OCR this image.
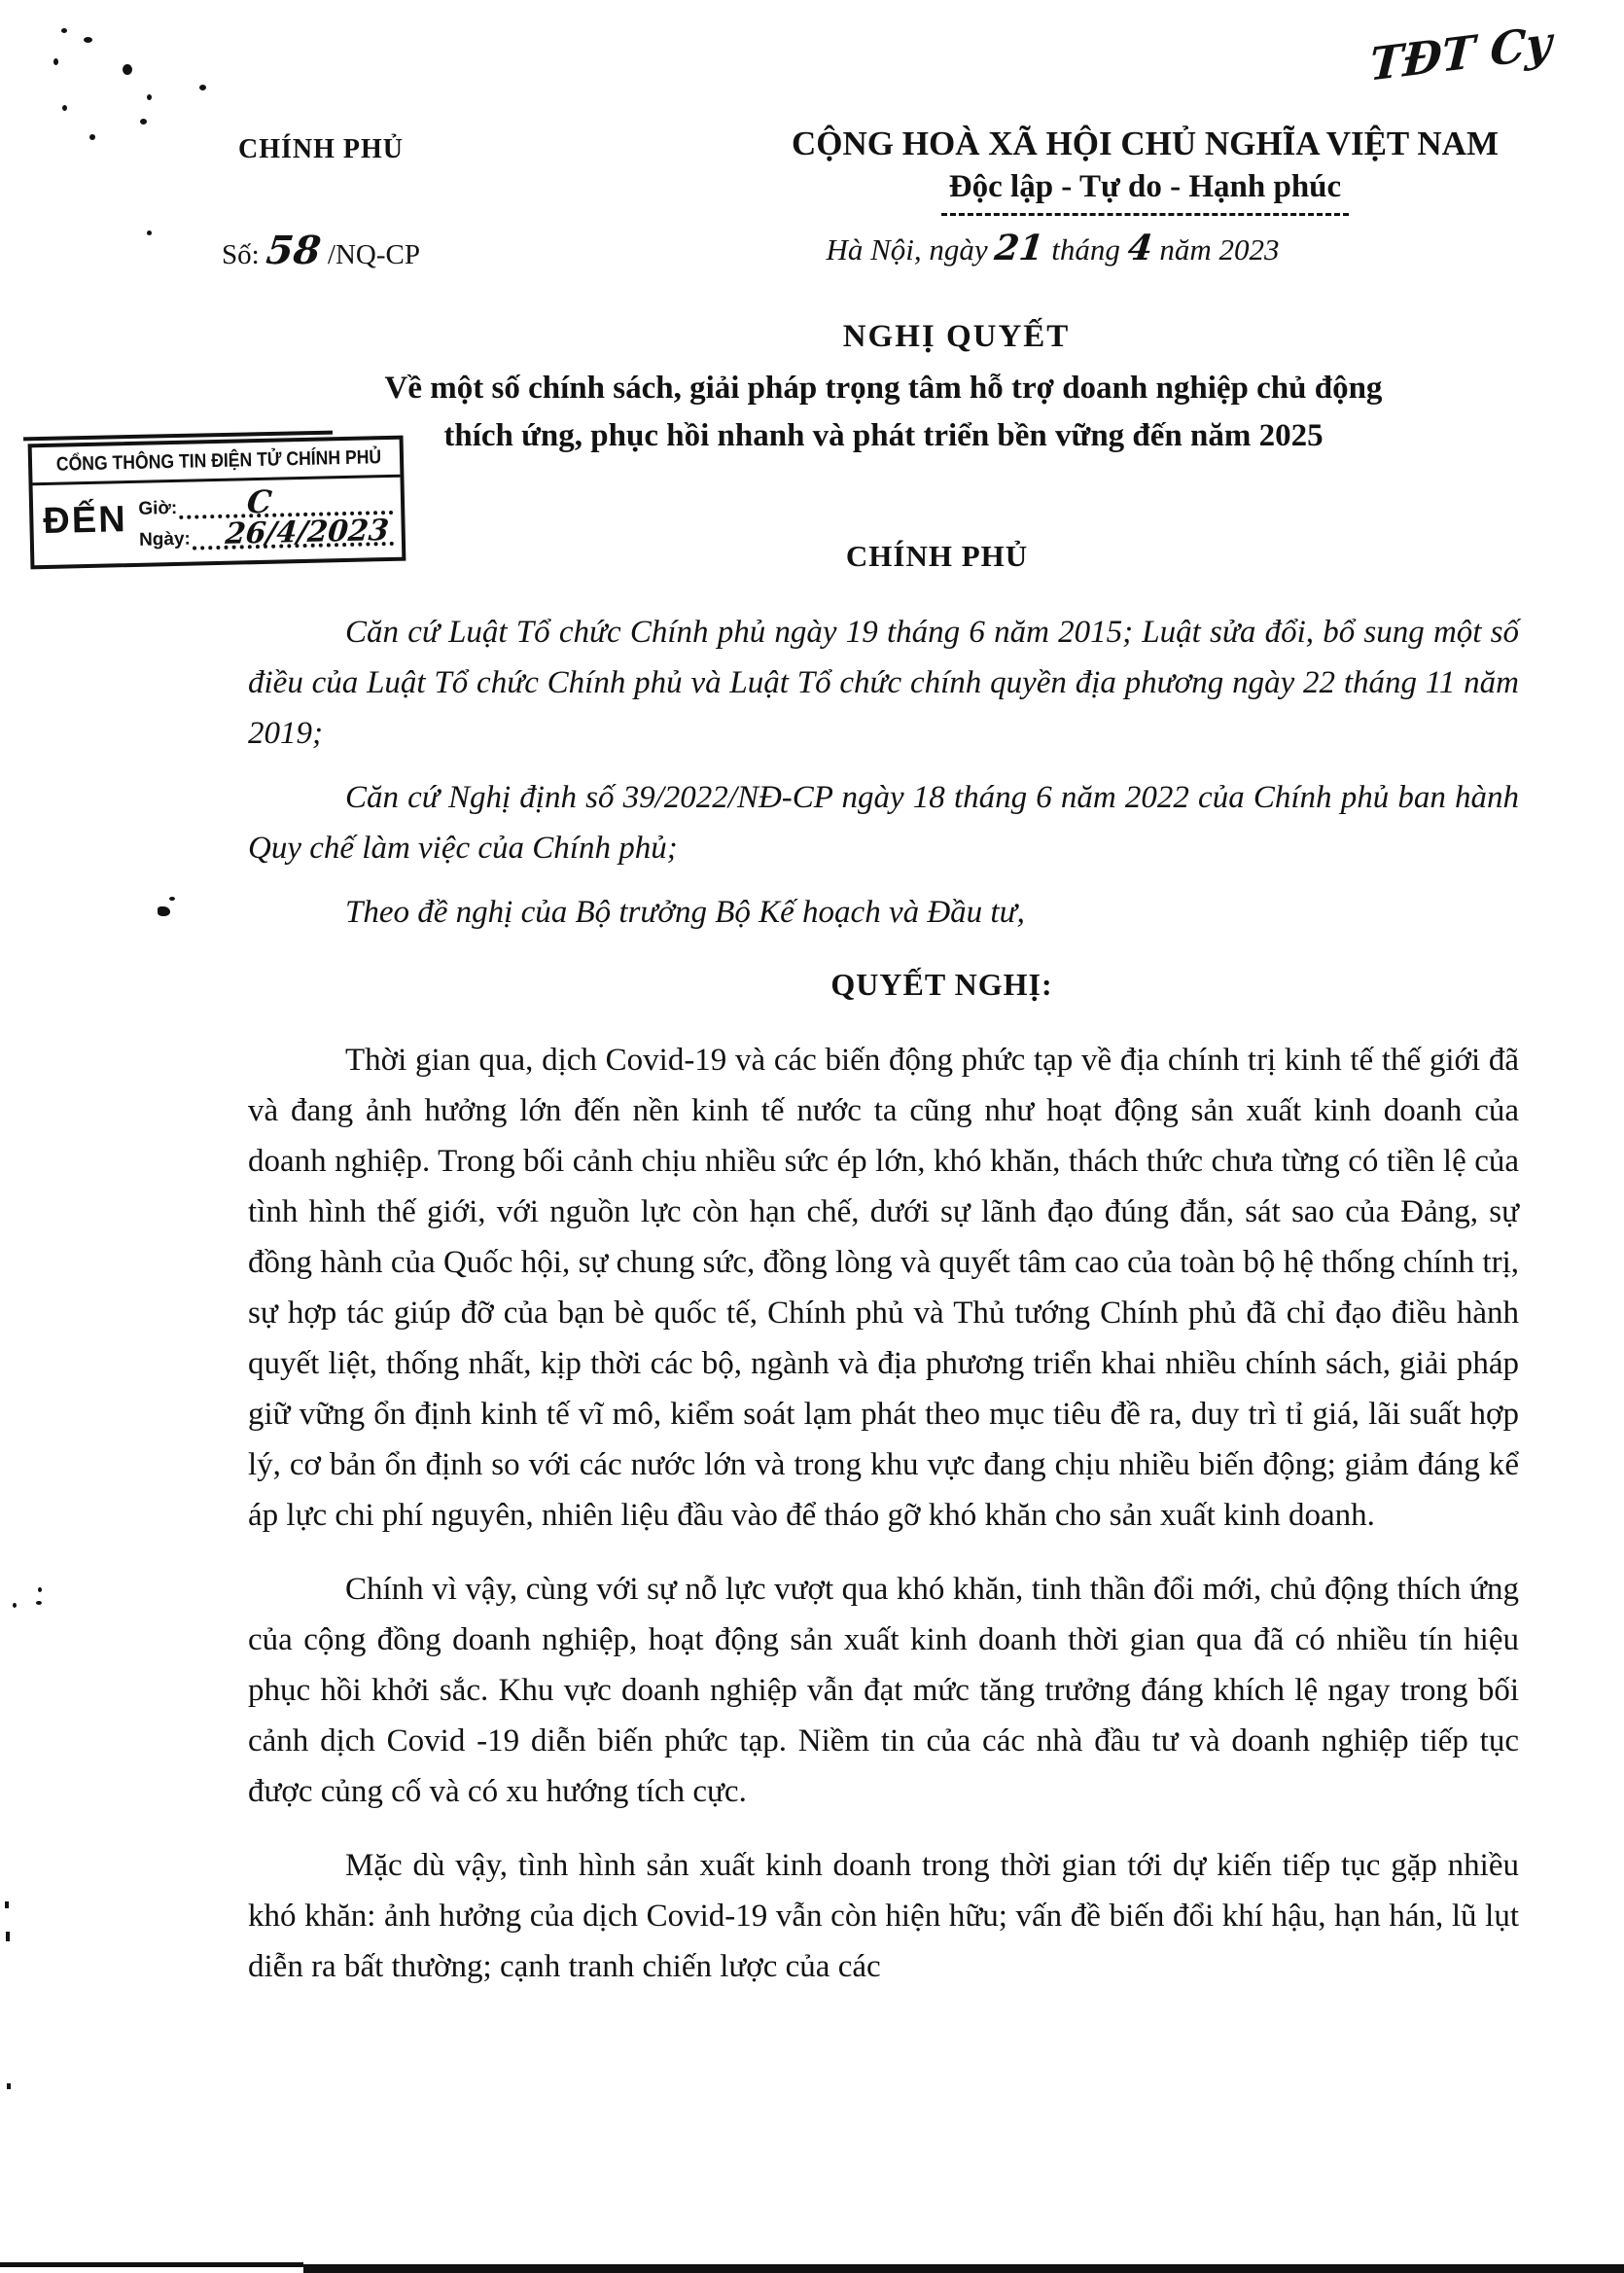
TĐT Cy
CHÍNH PHỦ
Số: 58 /NQ-CP
CỘNG HOÀ XÃ HỘI CHỦ NGHĨA VIỆT NAM
Độc lập - Tự do - Hạnh phúc
Hà Nội, ngày 21 tháng 4 năm 2023
NGHỊ QUYẾT
Về một số chính sách, giải pháp trọng tâm hỗ trợ doanh nghiệp chủ động
thích ứng, phục hồi nhanh và phát triển bền vững đến năm 2025
CỔNG THÔNG TIN ĐIỆN TỬ CHÍNH PHỦ
ĐẾN Giờ: C
Ngày: 26/4/2023
CHÍNH PHỦ

Căn cứ Luật Tổ chức Chính phủ ngày 19 tháng 6 năm 2015; Luật sửa đổi, bổ sung một số điều của Luật Tổ chức Chính phủ và Luật Tổ chức chính quyền địa phương ngày 22 tháng 11 năm 2019;

Căn cứ Nghị định số 39/2022/NĐ-CP ngày 18 tháng 6 năm 2022 của Chính phủ ban hành Quy chế làm việc của Chính phủ;

Theo đề nghị của Bộ trưởng Bộ Kế hoạch và Đầu tư,

QUYẾT NGHỊ:

Thời gian qua, dịch Covid-19 và các biến động phức tạp về địa chính trị kinh tế thế giới đã và đang ảnh hưởng lớn đến nền kinh tế nước ta cũng như hoạt động sản xuất kinh doanh của doanh nghiệp. Trong bối cảnh chịu nhiều sức ép lớn, khó khăn, thách thức chưa từng có tiền lệ của tình hình thế giới, với nguồn lực còn hạn chế, dưới sự lãnh đạo đúng đắn, sát sao của Đảng, sự đồng hành của Quốc hội, sự chung sức, đồng lòng và quyết tâm cao của toàn bộ hệ thống chính trị, sự hợp tác giúp đỡ của bạn bè quốc tế, Chính phủ và Thủ tướng Chính phủ đã chỉ đạo điều hành quyết liệt, thống nhất, kịp thời các bộ, ngành và địa phương triển khai nhiều chính sách, giải pháp giữ vững ổn định kinh tế vĩ mô, kiểm soát lạm phát theo mục tiêu đề ra, duy trì tỉ giá, lãi suất hợp lý, cơ bản ổn định so với các nước lớn và trong khu vực đang chịu nhiều biến động; giảm đáng kể áp lực chi phí nguyên, nhiên liệu đầu vào để tháo gỡ khó khăn cho sản xuất kinh doanh.

Chính vì vậy, cùng với sự nỗ lực vượt qua khó khăn, tinh thần đổi mới, chủ động thích ứng của cộng đồng doanh nghiệp, hoạt động sản xuất kinh doanh thời gian qua đã có nhiều tín hiệu phục hồi khởi sắc. Khu vực doanh nghiệp vẫn đạt mức tăng trưởng đáng khích lệ ngay trong bối cảnh dịch Covid -19 diễn biến phức tạp. Niềm tin của các nhà đầu tư và doanh nghiệp tiếp tục được củng cố và có xu hướng tích cực.

Mặc dù vậy, tình hình sản xuất kinh doanh trong thời gian tới dự kiến tiếp tục gặp nhiều khó khăn: ảnh hưởng của dịch Covid-19 vẫn còn hiện hữu; vấn đề biến đổi khí hậu, hạn hán, lũ lụt diễn ra bất thường; cạnh tranh chiến lược của các
